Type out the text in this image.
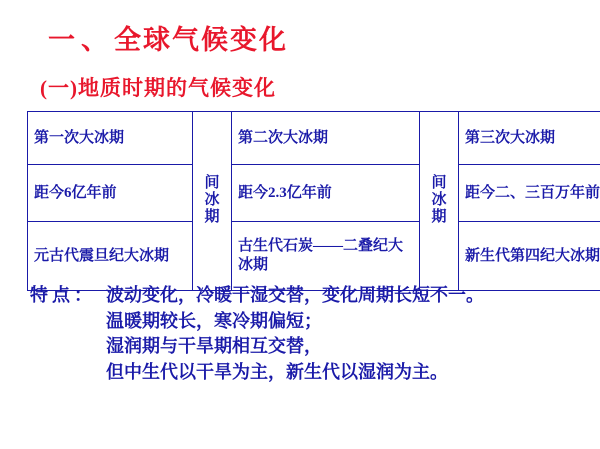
一、全球气候变化
(一)地质时期的气候变化
第一次大冰期	间冰期	第二次大冰期	间冰期	第三次大冰期
距今6亿年前		距今2.3亿年前		距今二、三百万年前
元古代震旦纪大冰期		古生代石炭——二叠纪大冰期		新生代第四纪大冰期
特点： 波动变化，冷暖干湿交替，变化周期长短不一。
温暖期较长，寒冷期偏短；
湿润期与干旱期相互交替，
但中生代以干旱为主，新生代以湿润为主。
